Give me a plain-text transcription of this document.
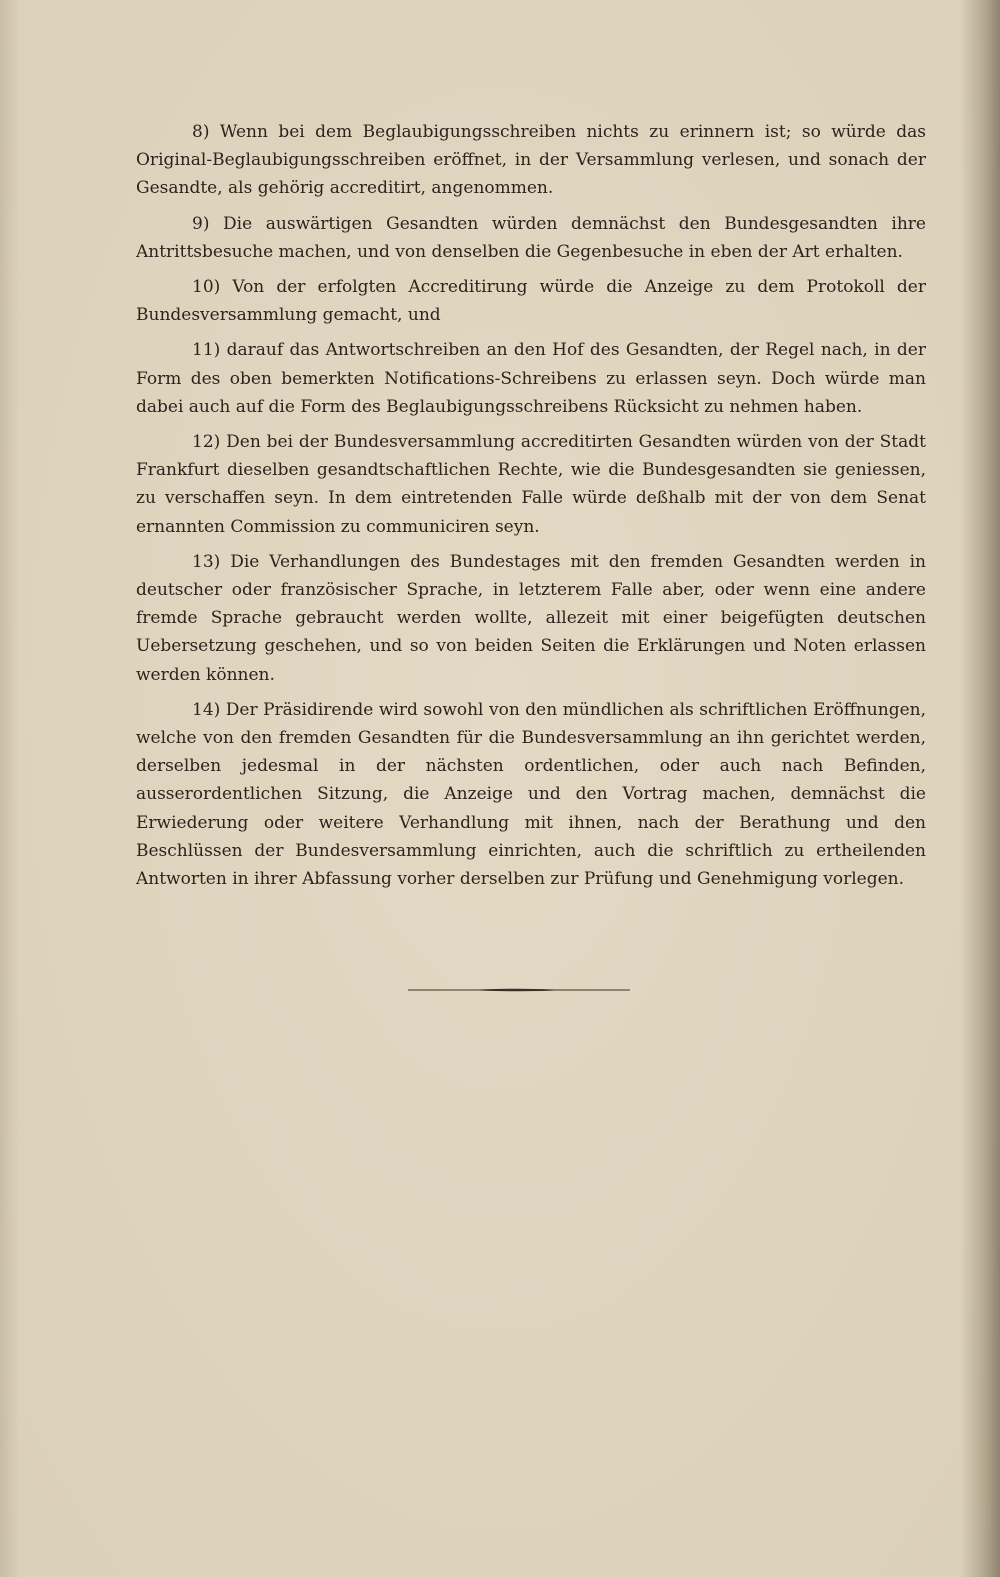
8) Wenn bei dem Beglaubigungsschreiben nichts zu erinnern ist; so würde das Original-Beglaubigungsschreiben eröffnet, in der Versammlung verlesen, und sonach der Gesandte, als gehörig accreditirt, angenommen.

9) Die auswärtigen Gesandten würden demnächst den Bundesgesandten ihre Antrittsbesuche machen, und von denselben die Gegenbesuche in eben der Art erhalten.

10) Von der erfolgten Accreditirung würde die Anzeige zu dem Protokoll der Bundesversammlung gemacht, und

11) darauf das Antwortschreiben an den Hof des Gesandten, der Regel nach, in der Form des oben bemerkten Notifications-Schreibens zu erlassen seyn. Doch würde man dabei auch auf die Form des Beglaubigungsschreibens Rücksicht zu nehmen haben.

12) Den bei der Bundesversammlung accreditirten Gesandten würden von der Stadt Frankfurt dieselben gesandtschaftlichen Rechte, wie die Bundesgesandten sie geniessen, zu verschaffen seyn. In dem eintretenden Falle würde deßhalb mit der von dem Senat ernannten Commission zu communiciren seyn.

13) Die Verhandlungen des Bundestages mit den fremden Gesandten werden in deutscher oder französischer Sprache, in letzterem Falle aber, oder wenn eine andere fremde Sprache gebraucht werden wollte, allezeit mit einer beigefügten deutschen Uebersetzung geschehen, und so von beiden Seiten die Erklärungen und Noten erlassen werden können.

14) Der Präsidirende wird sowohl von den mündlichen als schriftlichen Eröffnungen, welche von den fremden Gesandten für die Bundesversammlung an ihn gerichtet werden, derselben jedesmal in der nächsten ordentlichen, oder auch nach Befinden, ausserordentlichen Sitzung, die Anzeige und den Vortrag machen, demnächst die Erwiederung oder weitere Verhandlung mit ihnen, nach der Berathung und den Beschlüssen der Bundesversammlung einrichten, auch die schriftlich zu ertheilenden Antworten in ihrer Abfassung vorher derselben zur Prüfung und Genehmigung vorlegen.
